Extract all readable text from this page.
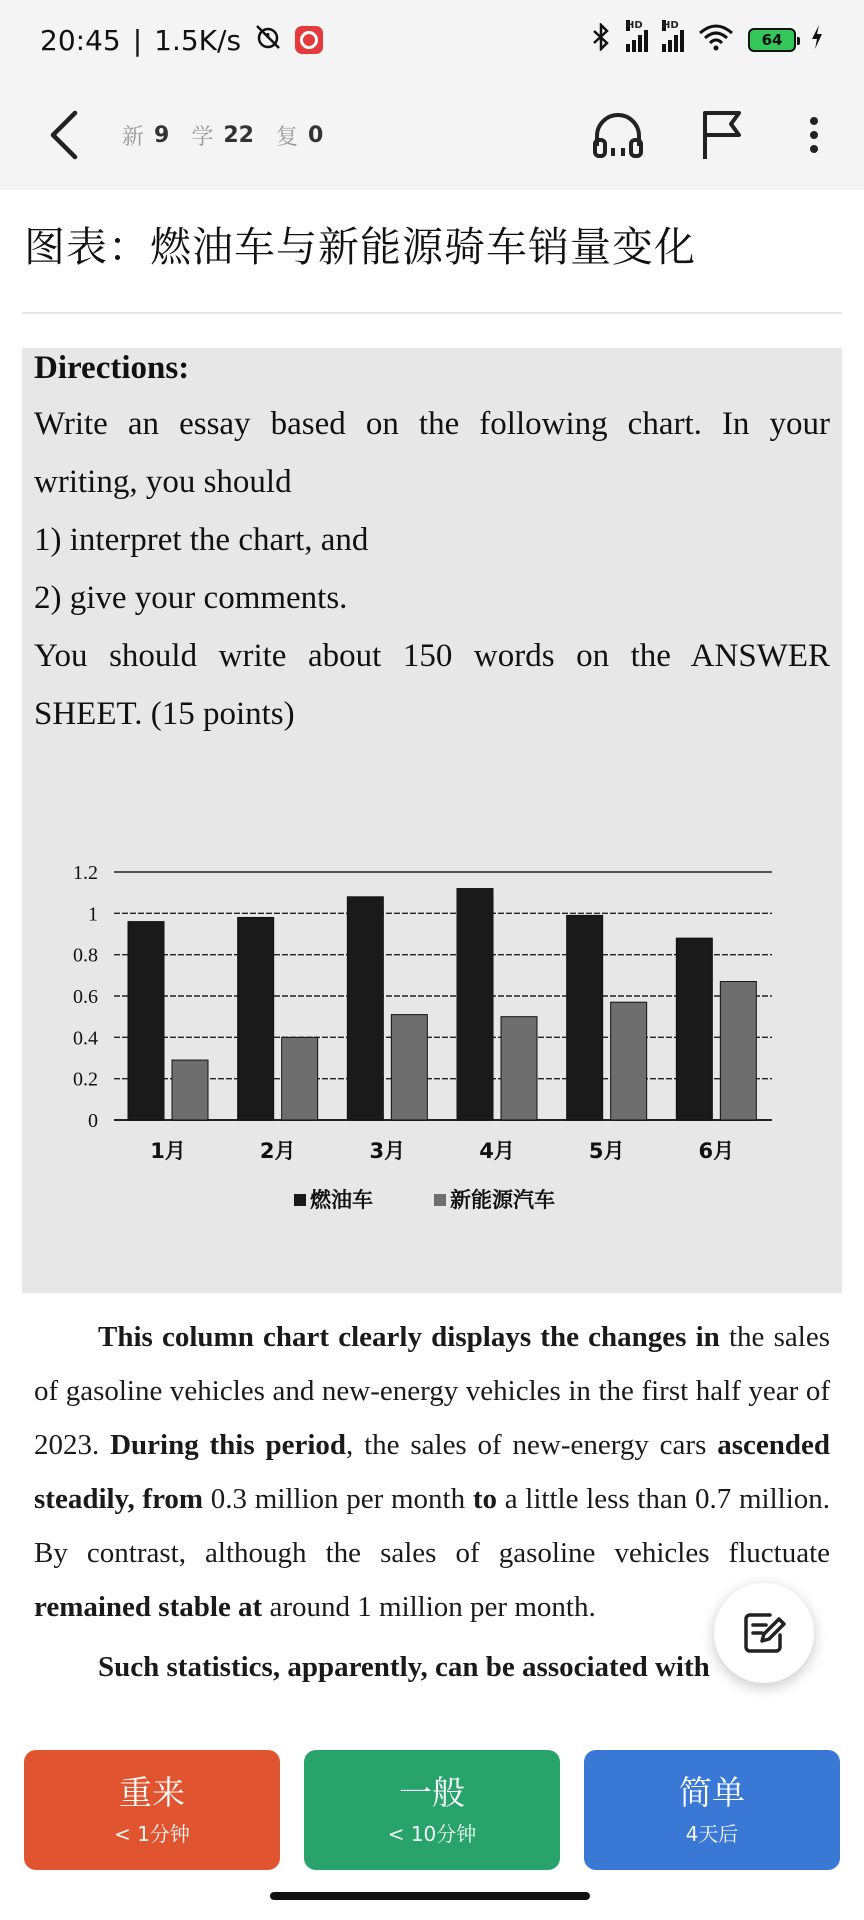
20:45 | 1.5K/s	HD HD
64
新 9 学 22 复 0
图表：燃油车与新能源骑车销量变化
Directions:
Write an essay based on the following chart. In your
writing, you should
1) interpret the chart, and
2) give your comments.
You should write about 150 words on the ANSWER
SHEET. (15 points)
0
0.2
0.4
0.6
0.8
1
1.2
1月	2月	3月	4月	5月	6月
燃油车	新能源汽车

This column chart clearly displays the changes in the sales of gasoline vehicles and new-energy vehicles in the first half year of 2023. During this period, the sales of new-energy cars ascended steadily, from 0.3 million per month to a little less than 0.7 million. By contrast, although the sales of gasoline vehicles fluctuate remained stable at around 1 million per month.

Such statistics, apparently, can be associated with

重来
< 1分钟
一般
< 10分钟
简单
4天后
